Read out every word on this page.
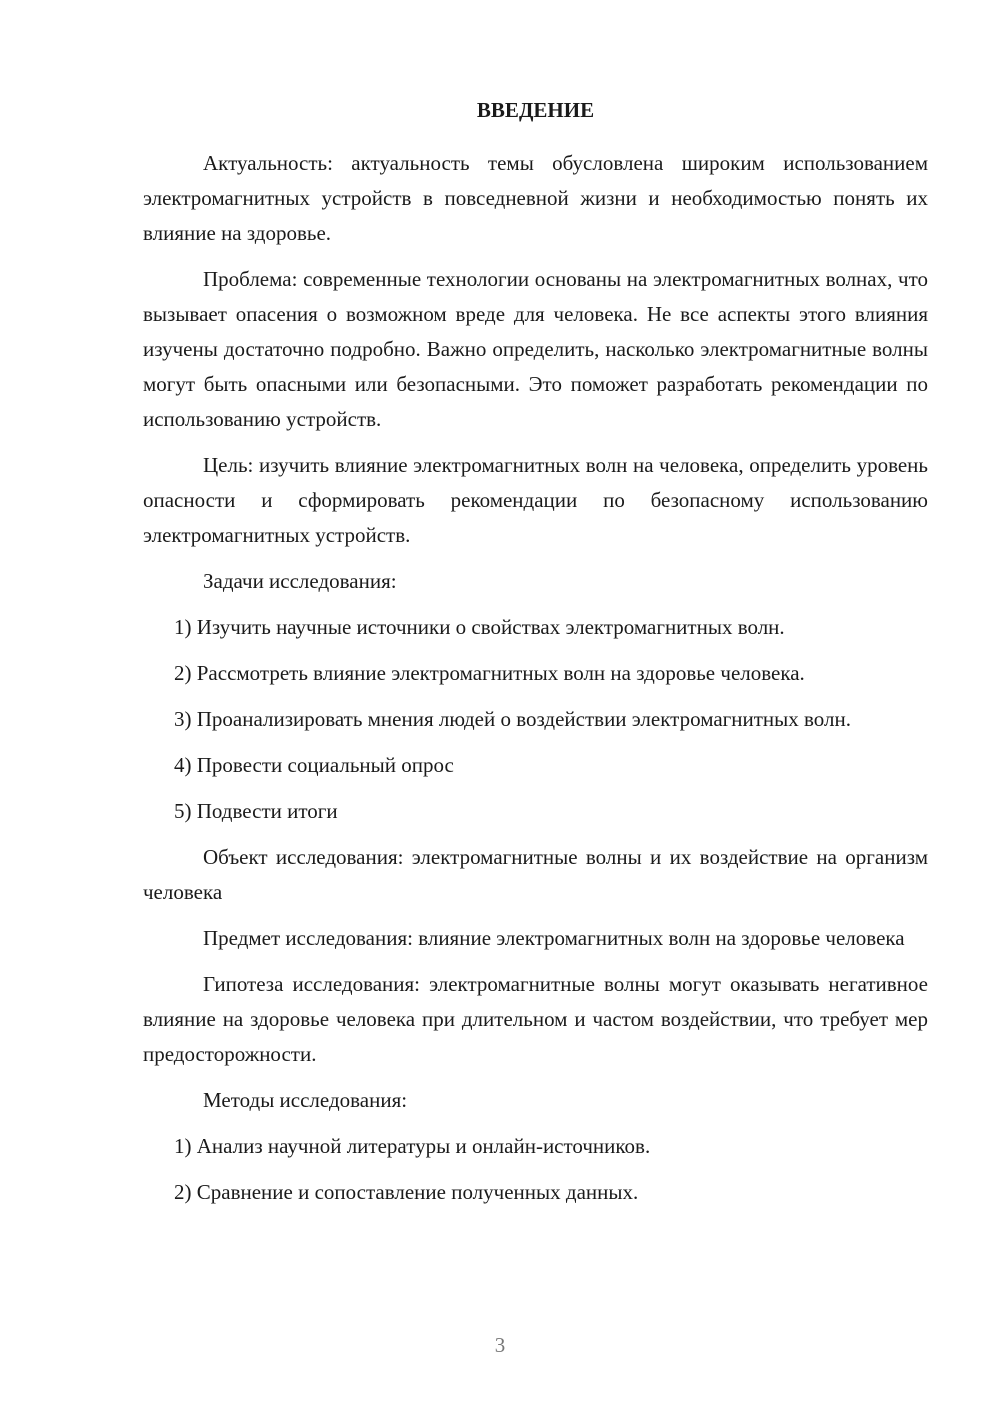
ВВЕДЕНИЕ

Актуальность: актуальность темы обусловлена широким использованием электромагнитных устройств в повседневной жизни и необходимостью понять их влияние на здоровье.

Проблема: современные технологии основаны на электромагнитных волнах, что вызывает опасения о возможном вреде для человека. Не все аспекты этого влияния изучены достаточно подробно. Важно определить, насколько электромагнитные волны могут быть опасными или безопасными. Это поможет разработать рекомендации по использованию устройств.

Цель: изучить влияние электромагнитных волн на человека, определить уровень опасности и сформировать рекомендации по безопасному использованию электромагнитных устройств.

Задачи исследования:

1) Изучить научные источники о свойствах электромагнитных волн.

2) Рассмотреть влияние электромагнитных волн на здоровье человека.

3) Проанализировать мнения людей о воздействии электромагнитных волн.

4) Провести социальный опрос

5) Подвести итоги

Объект исследования: электромагнитные волны и их воздействие на организм человека

Предмет исследования: влияние электромагнитных волн на здоровье человека

Гипотеза исследования: электромагнитные волны могут оказывать негативное влияние на здоровье человека при длительном и частом воздействии, что требует мер предосторожности.

Методы исследования:

1) Анализ научной литературы и онлайн-источников.

2) Сравнение и сопоставление полученных данных.

3
